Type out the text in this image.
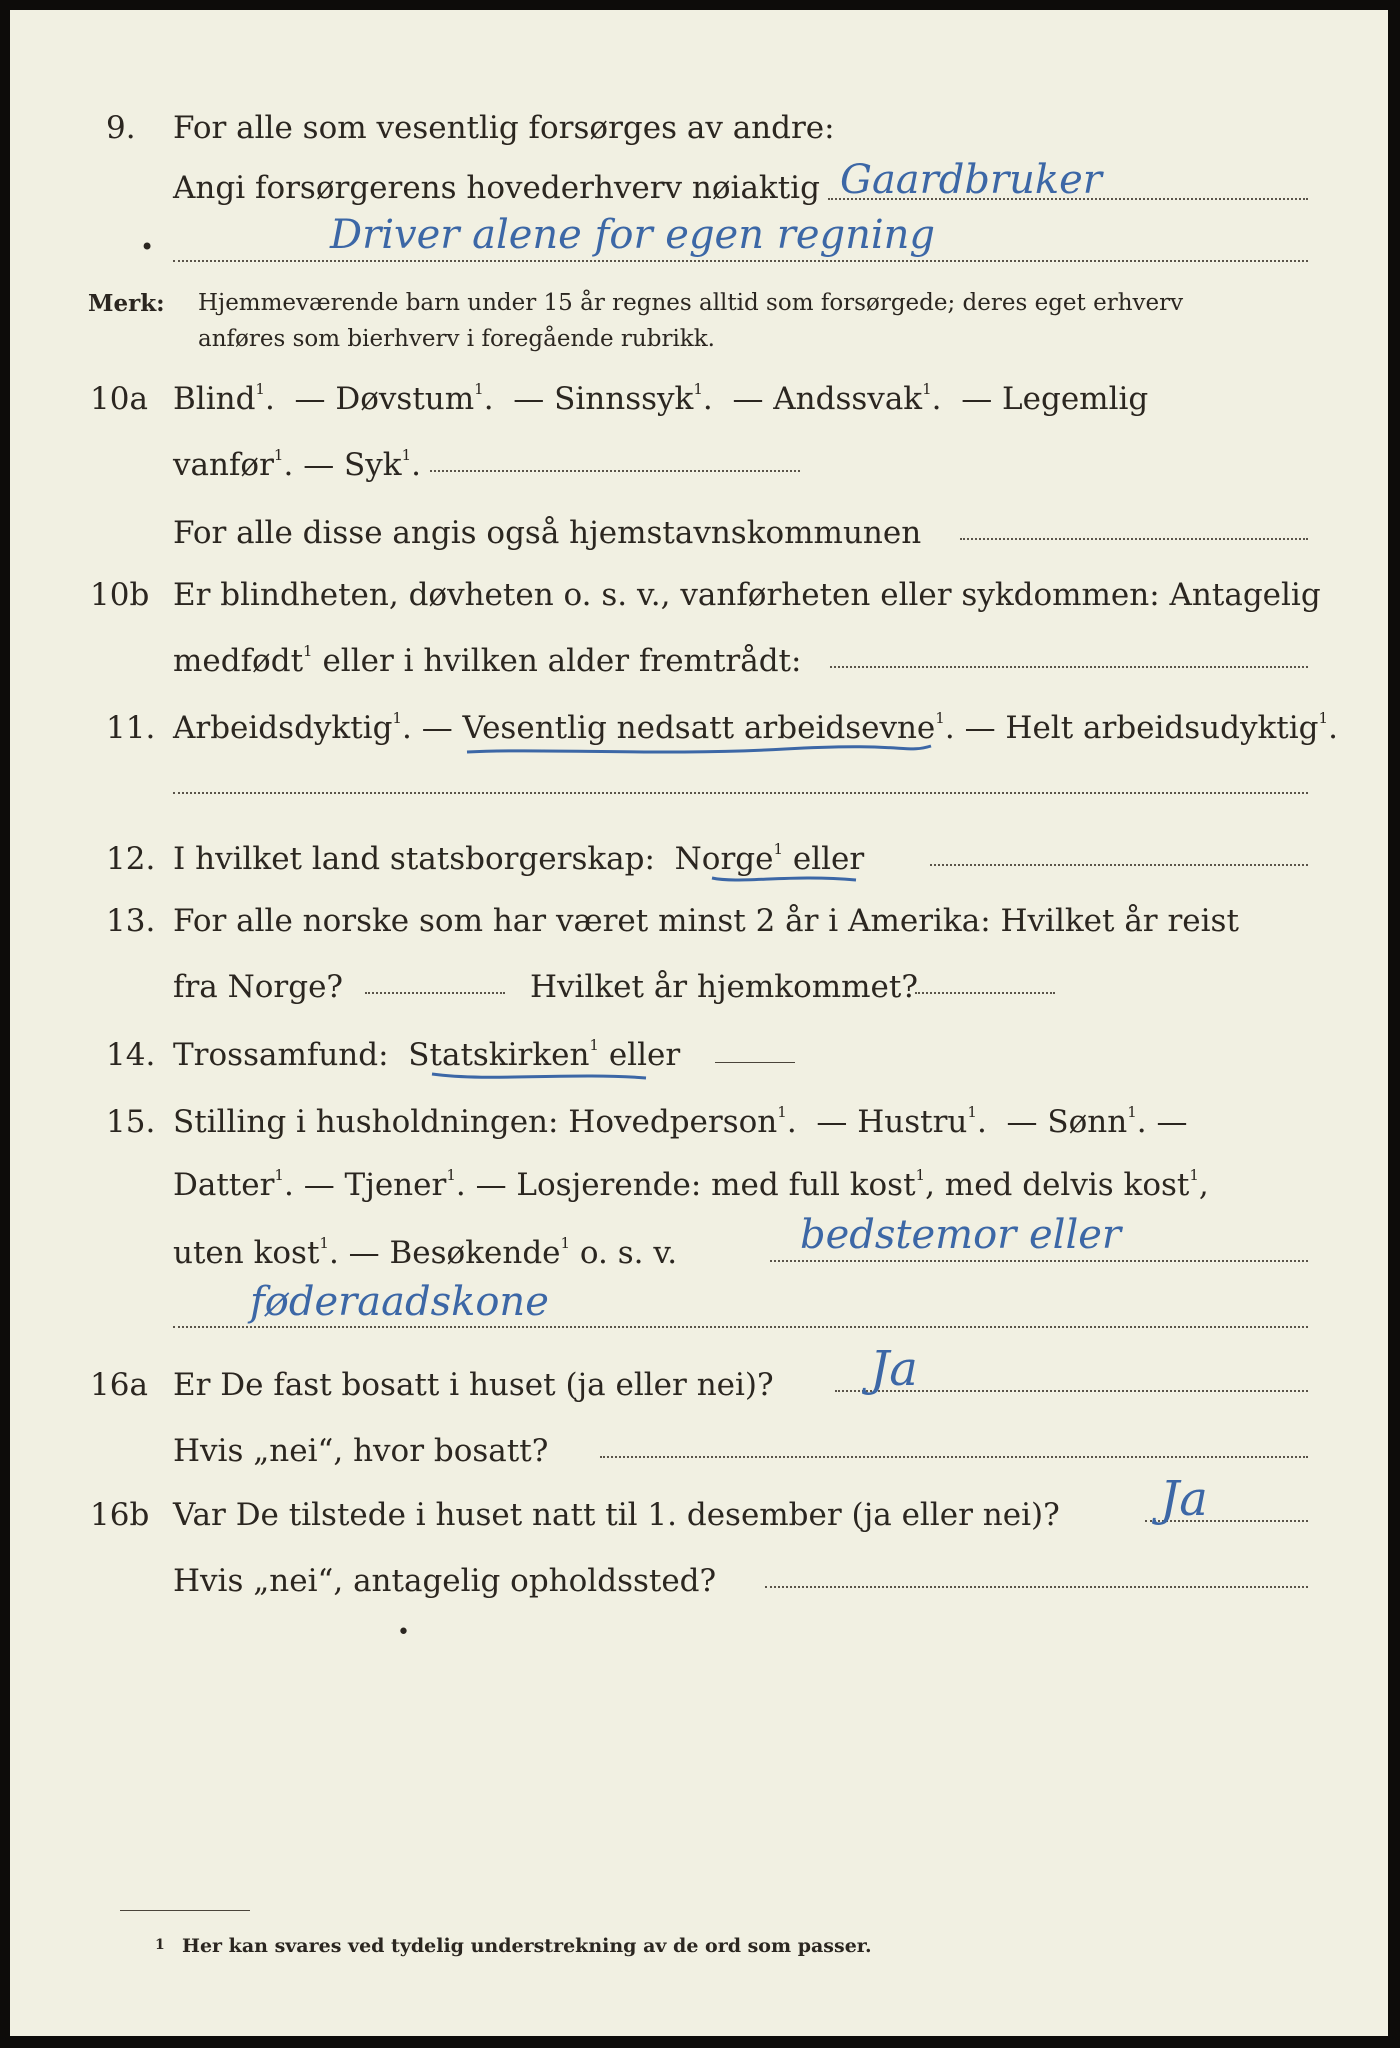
9. For alle som vesentlig forsørges av andre:
Angi forsørgerens hovederhverv nøiaktig Gaardbruker
•	Driver alene for egen regning
Merk: Hjemmeværende barn under 15 år regnes alltid som forsørgede; deres eget erhverv
anføres som bierhverv i foregående rubrikk.
10a Blind$^1$.  — Døvstum$^1$.  — Sinnssyk$^1$.  — Andssvak$^1$.  — Legemlig
vanfør$^1$. — Syk$^1$.
For alle disse angis også hjemstavnskommunen
10b Er blindheten, døvheten o. s. v., vanførheten eller sykdommen: Antagelig
medfødt$^1$ eller i hvilken alder fremtrådt:
11. Arbeidsdyktig$^1$. — Vesentlig nedsatt arbeidsevne$^1$. — Helt arbeidsudyktig$^1$.
12. I hvilket land statsborgerskap: Norge$^1$ eller
13. For alle norske som har været minst 2 år i Amerika: Hvilket år reist
fra Norge?	Hvilket år hjemkommet?
14. Trossamfund: Statskirken$^1$ eller
15. Stilling i husholdningen: Hovedperson$^1$.  — Hustru$^1$.  — Sønn$^1$. —
Datter$^1$. — Tjener$^1$. — Losjerende: med full kost$^1$, med delvis kost$^1$,
uten kost$^1$. — Besøkende$^1$ o. s. v.	bedstemor eller
føderaadskone
16a Er De fast bosatt i huset (ja eller nei)? Ja
Hvis „nei“, hvor bosatt?
16b Var De tilstede i huset natt til 1. desember (ja eller nei)? Ja
Hvis „nei“, antagelig opholdssted?
•
1 Her kan svares ved tydelig understrekning av de ord som passer.
